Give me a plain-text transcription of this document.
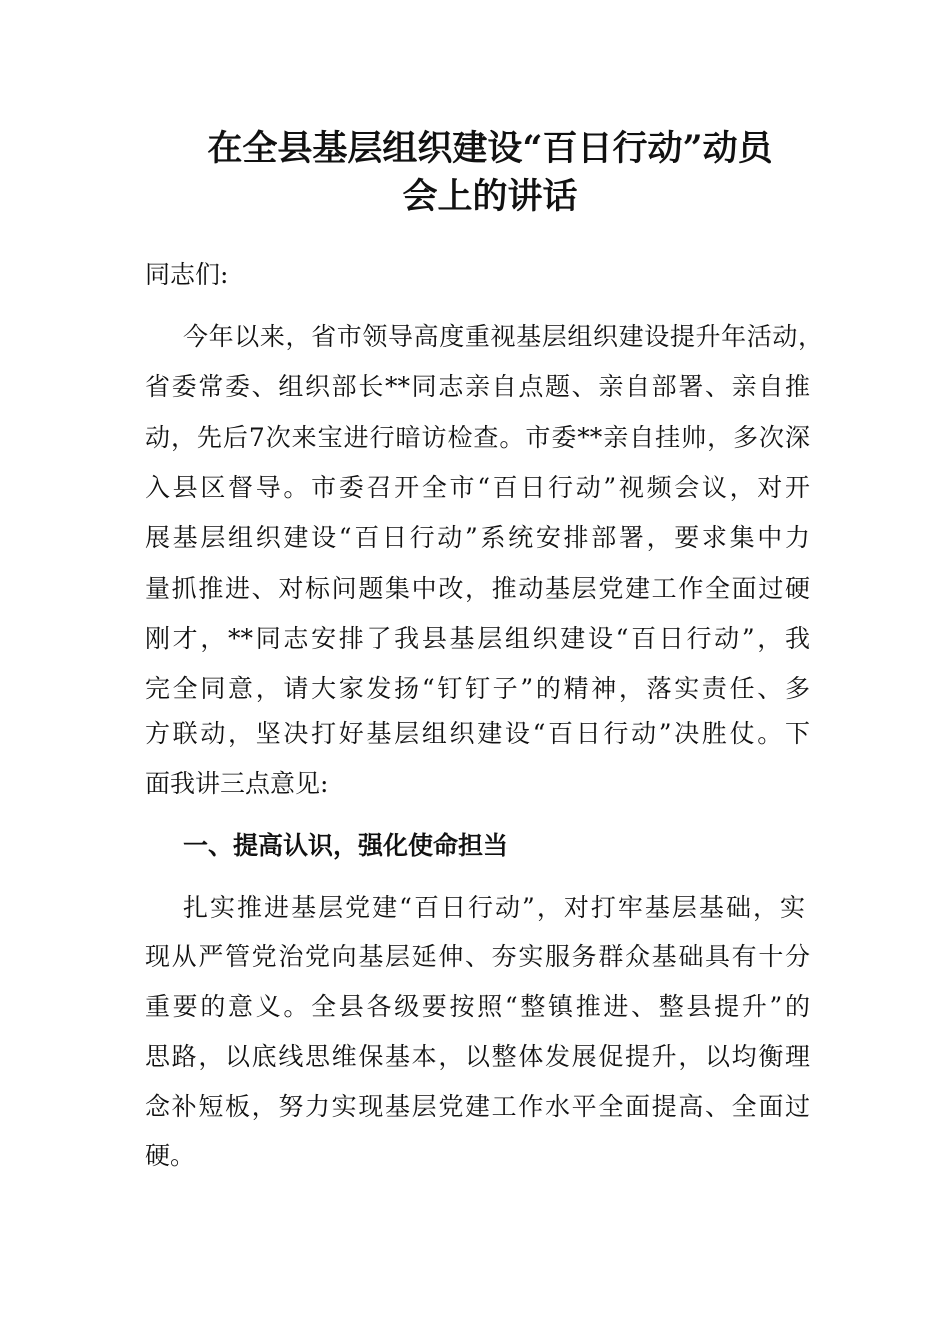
在全县基层组织建设“百日行动”动员
会上的讲话

同志们:

今年以来，省市领导高度重视基层组织建设提升年活动，

省委常委、组织部长**同志亲自点题、亲自部署、亲自推

动，先后7次来宝进行暗访检查。市委**亲自挂帅，多次深

入县区督导。市委召开全市“百日行动”视频会议，对开

展基层组织建设“百日行动”系统安排部署，要求集中力

量抓推进、对标问题集中改，推动基层党建工作全面过硬

刚才，**同志安排了我县基层组织建设“百日行动”，我

完全同意，请大家发扬“钉钉子”的精神，落实责任、多

方联动，坚决打好基层组织建设“百日行动”决胜仗。下

面我讲三点意见:

一、提高认识，强化使命担当

扎实推进基层党建“百日行动”，对打牢基层基础，实

现从严管党治党向基层延伸、夯实服务群众基础具有十分

重要的意义。全县各级要按照“整镇推进、整县提升”的

思路，以底线思维保基本，以整体发展促提升，以均衡理

念补短板，努力实现基层党建工作水平全面提高、全面过

硬。
